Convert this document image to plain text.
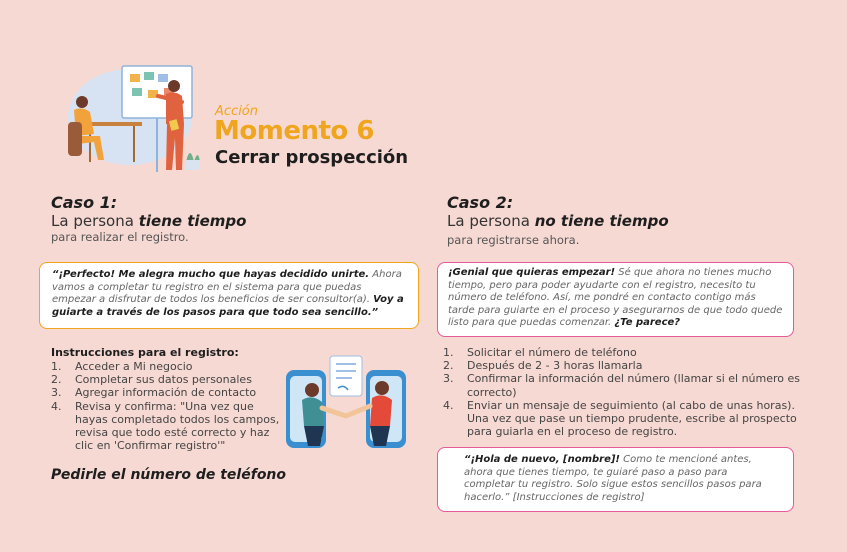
Acción
Momento 6
Cerrar prospección
Caso 1:
La persona tiene tiempo
para realizar el registro.
Caso 2:
La persona no tiene tiempo
para registrarse ahora.
“¡Perfecto! Me alegra mucho que hayas decidido unirte. Ahora vamos a completar tu registro en el sistema para que puedas empezar a disfrutar de todos los beneficios de ser consultor(a). Voy a guiarte a través de los pasos para que todo sea sencillo.”
¡Genial que quieras empezar! Sé que ahora no tienes mucho tiempo, pero para poder ayudarte con el registro, necesito tu número de teléfono. Así, me pondré en contacto contigo más tarde para guiarte en el proceso y asegurarnos de que todo quede listo para que puedas comenzar. ¿Te parece?
Instrucciones para el registro:
1. Acceder a Mi negocio
2. Completar sus datos personales
3. Agregar información de contacto
4. Revisa y confirma: "Una vez que hayas completado todos los campos, revisa que todo esté correcto y haz clic en 'Confirmar registro'"
Pedirle el número de teléfono
1. Solicitar el número de teléfono
2. Después de 2 - 3 horas llamarla
3. Confirmar la información del número (llamar si el número es correcto)
4. Enviar un mensaje de seguimiento (al cabo de unas horas). Una vez que pase un tiempo prudente, escribe al prospecto para guiarla en el proceso de registro.
“¡Hola de nuevo, [nombre]! Como te mencioné antes, ahora que tienes tiempo, te guiaré paso a paso para completar tu registro. Solo sigue estos sencillos pasos para hacerlo.” [Instrucciones de registro]
